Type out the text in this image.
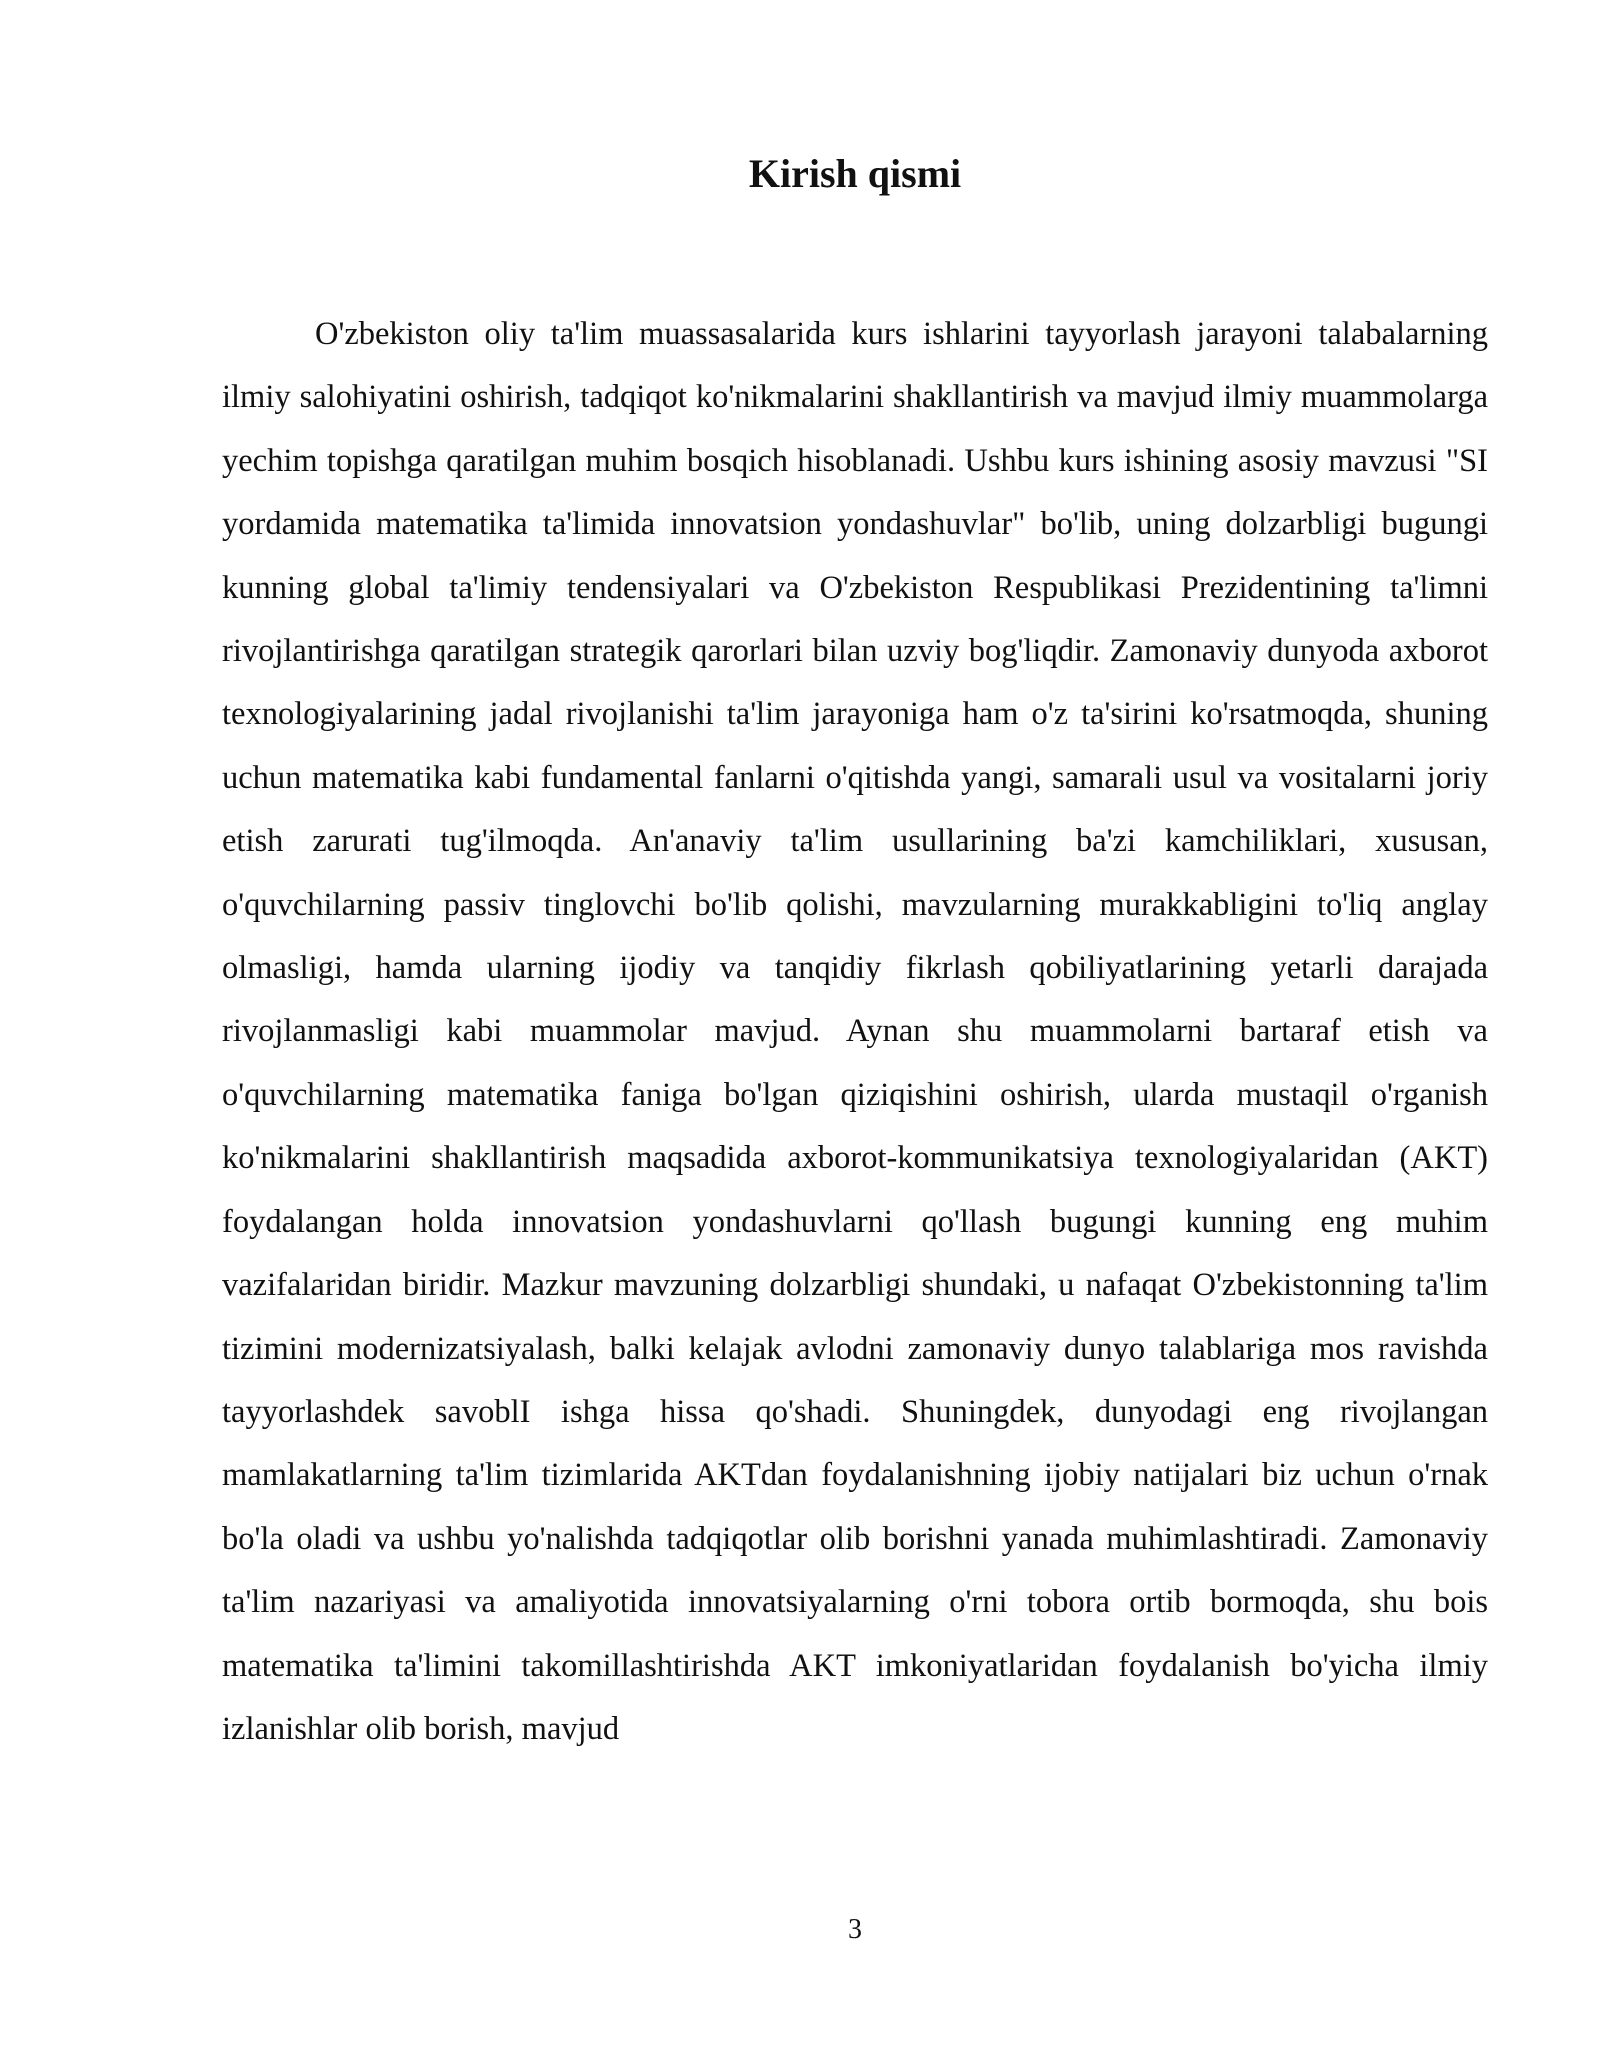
Kirish qismi

O'zbekiston oliy ta'lim muassasalarida kurs ishlarini tayyorlash jarayoni talabalarning ilmiy salohiyatini oshirish, tadqiqot ko'nikmalarini shakllantirish va mavjud ilmiy muammolarga yechim topishga qaratilgan muhim bosqich hisoblanadi. Ushbu kurs ishining asosiy mavzusi "SI yordamida matematika ta'limida innovatsion yondashuvlar" bo'lib, uning dolzarbligi bugungi kunning global ta'limiy tendensiyalari va O'zbekiston Respublikasi Prezidentining ta'limni rivojlantirishga qaratilgan strategik qarorlari bilan uzviy bog'liqdir. Zamonaviy dunyoda axborot texnologiyalarining jadal rivojlanishi ta'lim jarayoniga ham o'z ta'sirini ko'rsatmoqda, shuning uchun matematika kabi fundamental fanlarni o'qitishda yangi, samarali usul va vositalarni joriy etish zarurati tug'ilmoqda. An'anaviy ta'lim usullarining ba'zi kamchiliklari, xususan, o'quvchilarning passiv tinglovchi bo'lib qolishi, mavzularning murakkabligini to'liq anglay olmasligi, hamda ularning ijodiy va tanqidiy fikrlash qobiliyatlarining yetarli darajada rivojlanmasligi kabi muammolar mavjud. Aynan shu muammolarni bartaraf etish va o'quvchilarning matematika faniga bo'lgan qiziqishini oshirish, ularda mustaqil o'rganish ko'nikmalarini shakllantirish maqsadida axborot-kommunikatsiya texnologiyalaridan (AKT) foydalangan holda innovatsion yondashuvlarni qo'llash bugungi kunning eng muhim vazifalaridan biridir. Mazkur mavzuning dolzarbligi shundaki, u nafaqat O'zbekistonning ta'lim tizimini modernizatsiyalash, balki kelajak avlodni zamonaviy dunyo talablariga mos ravishda tayyorlashdek savoblI ishga hissa qo'shadi. Shuningdek, dunyodagi eng rivojlangan mamlakatlarning ta'lim tizimlarida AKTdan foydalanishning ijobiy natijalari biz uchun o'rnak bo'la oladi va ushbu yo'nalishda tadqiqotlar olib borishni yanada muhimlashtiradi. Zamonaviy ta'lim nazariyasi va amaliyotida innovatsiyalarning o'rni tobora ortib bormoqda, shu bois matematika ta'limini takomillashtirishda AKT imkoniyatlaridan foydalanish bo'yicha ilmiy izlanishlar olib borish, mavjud

3
